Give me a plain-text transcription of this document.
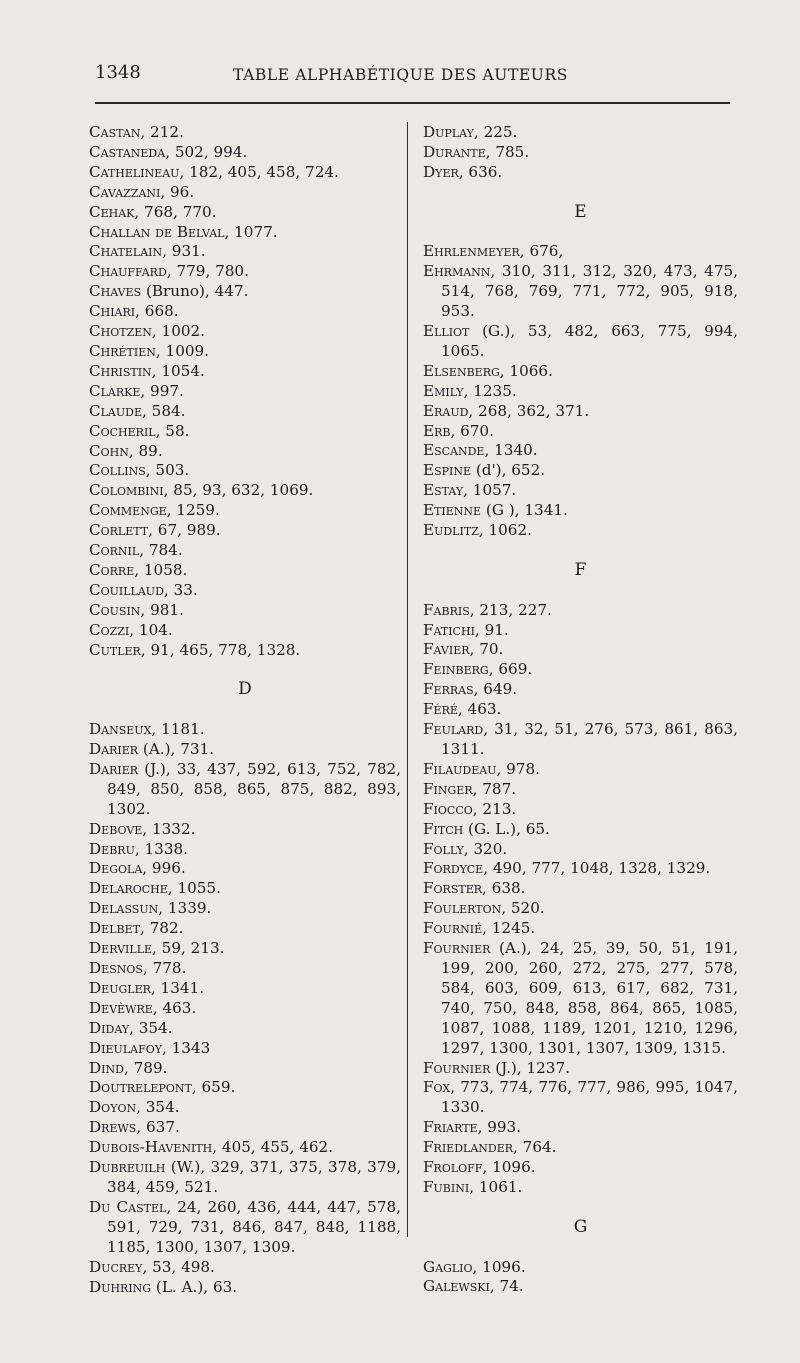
1348	TABLE ALPHABÉTIQUE DES AUTEURS
Castan, 212.
Castaneda, 502, 994.
Cathelineau, 182, 405, 458, 724.
Cavazzani, 96.
Cehak, 768, 770.
Challan de Belval, 1077.
Chatelain, 931.
Chauffard, 779, 780.
Chaves (Bruno), 447.
Chiari, 668.
Chotzen, 1002.
Chrétien, 1009.
Christin, 1054.
Clarke, 997.
Claude, 584.
Cocheril, 58.
Cohn, 89.
Collins, 503.
Colombini, 85, 93, 632, 1069.
Commenge, 1259.
Corlett, 67, 989.
Cornil, 784.
Corre, 1058.
Couillaud, 33.
Cousin, 981.
Cozzi, 104.
Cutler, 91, 465, 778, 1328.
D
Danseux, 1181.
Darier (A.), 731.
Darier (J.), 33, 437, 592, 613, 752, 782, 849, 850, 858, 865, 875, 882, 893, 1302.
Debove, 1332.
Debru, 1338.
Degola, 996.
Delaroche, 1055.
Delassun, 1339.
Delbet, 782.
Derville, 59, 213.
Desnos, 778.
Deugler, 1341.
Devèwre, 463.
Diday, 354.
Dieulafoy, 1343
Dind, 789.
Doutrelepont, 659.
Doyon, 354.
Drews, 637.
Dubois-Havenith, 405, 455, 462.
Dubreuilh (W.), 329, 371, 375, 378, 379, 384, 459, 521.
Du Castel, 24, 260, 436, 444, 447, 578, 591, 729, 731, 846, 847, 848, 1188, 1185, 1300, 1307, 1309.
Ducrey, 53, 498.
Duhring (L. A.), 63.
Duplay, 225.
Durante, 785.
Dyer, 636.
E
Ehrlenmeyer, 676,
Ehrmann, 310, 311, 312, 320, 473, 475, 514, 768, 769, 771, 772, 905, 918, 953.
Elliot (G.), 53, 482, 663, 775, 994, 1065.
Elsenberg, 1066.
Emily, 1235.
Eraud, 268, 362, 371.
Erb, 670.
Escande, 1340.
Espine (d'), 652.
Estay, 1057.
Etienne (G ), 1341.
Eudlitz, 1062.
F
Fabris, 213, 227.
Fatichi, 91.
Favier, 70.
Feinberg, 669.
Ferras, 649.
Féré, 463.
Feulard, 31, 32, 51, 276, 573, 861, 863, 1311.
Filaudeau, 978.
Finger, 787.
Fiocco, 213.
Fitch (G. L.), 65.
Folly, 320.
Fordyce, 490, 777, 1048, 1328, 1329.
Forster, 638.
Foulerton, 520.
Fournié, 1245.
Fournier (A.), 24, 25, 39, 50, 51, 191, 199, 200, 260, 272, 275, 277, 578, 584, 603, 609, 613, 617, 682, 731, 740, 750, 848, 858, 864, 865, 1085, 1087, 1088, 1189, 1201, 1210, 1296, 1297, 1300, 1301, 1307, 1309, 1315.
Fournier (J.), 1237.
Fox, 773, 774, 776, 777, 986, 995, 1047, 1330.
Friarte, 993.
Friedlander, 764.
Froloff, 1096.
Fubini, 1061.
G
Gaglio, 1096.
Galewski, 74.
